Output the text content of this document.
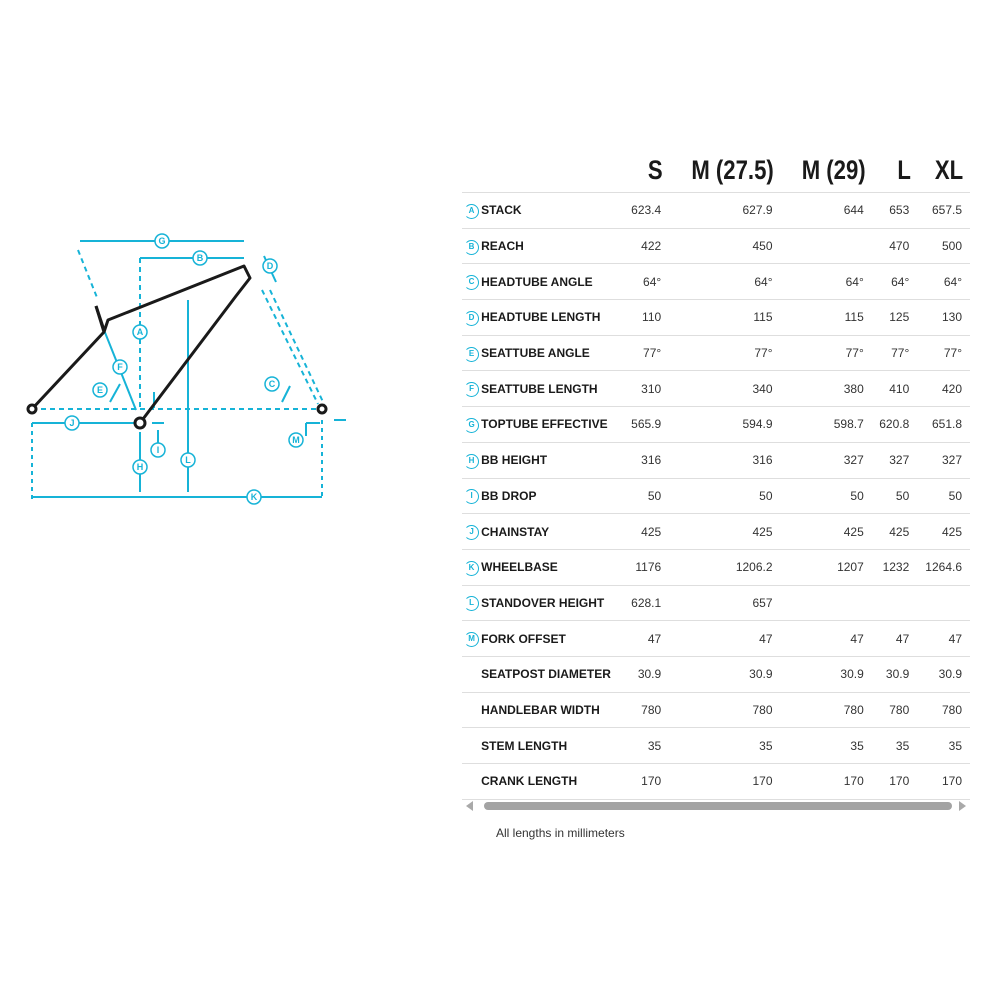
A
B
C
D
E
F
G
H
I
J
K
L
M
		S	M (27.5)	M (29)	L	XL
A	STACK	623.4	627.9	644	653	657.5
B	REACH	422	450		470	500
C	HEADTUBE ANGLE	64°	64°	64°	64°	64°
D	HEADTUBE LENGTH	110	115	115	125	130
E	SEATTUBE ANGLE	77°	77°	77°	77°	77°
F	SEATTUBE LENGTH	310	340	380	410	420
G	TOPTUBE EFFECTIVE	565.9	594.9	598.7	620.8	651.8
H	BB HEIGHT	316	316	327	327	327
I	BB DROP	50	50	50	50	50
J	CHAINSTAY	425	425	425	425	425
K	WHEELBASE	1176	1206.2	1207	1232	1264.6
L	STANDOVER HEIGHT	628.1	657			
M	FORK OFFSET	47	47	47	47	47
	SEATPOST DIAMETER	30.9	30.9	30.9	30.9	30.9
	HANDLEBAR WIDTH	780	780	780	780	780
	STEM LENGTH	35	35	35	35	35
	CRANK LENGTH	170	170	170	170	170
All lengths in millimeters
